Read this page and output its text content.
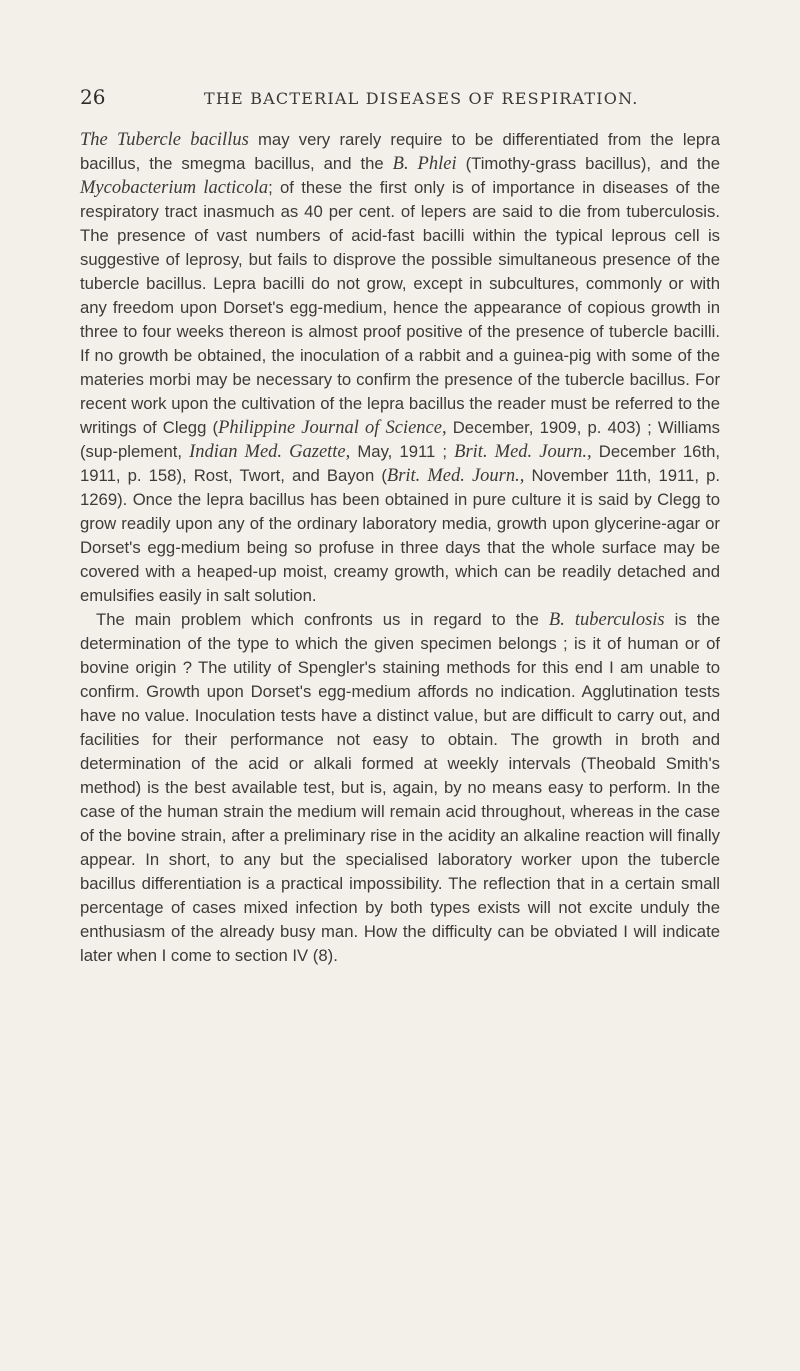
26	THE BACTERIAL DISEASES OF RESPIRATION.

The Tubercle bacillus may very rarely require to be differentiated from the lepra bacillus, the smegma bacillus, and the B. Phlei (Timothy-grass bacillus), and the Mycobacterium lacticola; of these the first only is of importance in diseases of the respiratory tract inasmuch as 40 per cent. of lepers are said to die from tuberculosis. The presence of vast numbers of acid-fast bacilli within the typical leprous cell is suggestive of leprosy, but fails to disprove the possible simultaneous presence of the tubercle bacillus. Lepra bacilli do not grow, except in subcultures, commonly or with any freedom upon Dorset's egg-medium, hence the appearance of copious growth in three to four weeks thereon is almost proof positive of the presence of tubercle bacilli. If no growth be obtained, the inoculation of a rabbit and a guinea-pig with some of the materies morbi may be necessary to confirm the presence of the tubercle bacillus. For recent work upon the cultivation of the lepra bacillus the reader must be referred to the writings of Clegg (Philippine Journal of Science, December, 1909, p. 403) ; Williams (sup-plement, Indian Med. Gazette, May, 1911 ; Brit. Med. Journ., December 16th, 1911, p. 158), Rost, Twort, and Bayon (Brit. Med. Journ., November 11th, 1911, p. 1269). Once the lepra bacillus has been obtained in pure culture it is said by Clegg to grow readily upon any of the ordinary laboratory media, growth upon glycerine-agar or Dorset's egg-medium being so profuse in three days that the whole surface may be covered with a heaped-up moist, creamy growth, which can be readily detached and emulsifies easily in salt solution.

The main problem which confronts us in regard to the B. tuberculosis is the determination of the type to which the given specimen belongs ; is it of human or of bovine origin ? The utility of Spengler's staining methods for this end I am unable to confirm. Growth upon Dorset's egg-medium affords no indication. Agglutination tests have no value. Inoculation tests have a distinct value, but are difficult to carry out, and facilities for their performance not easy to obtain. The growth in broth and determination of the acid or alkali formed at weekly intervals (Theobald Smith's method) is the best available test, but is, again, by no means easy to perform. In the case of the human strain the medium will remain acid throughout, whereas in the case of the bovine strain, after a preliminary rise in the acidity an alkaline reaction will finally appear. In short, to any but the specialised laboratory worker upon the tubercle bacillus differentiation is a practical impossibility. The reflection that in a certain small percentage of cases mixed infection by both types exists will not excite unduly the enthusiasm of the already busy man. How the difficulty can be obviated I will indicate later when I come to section IV (8).
